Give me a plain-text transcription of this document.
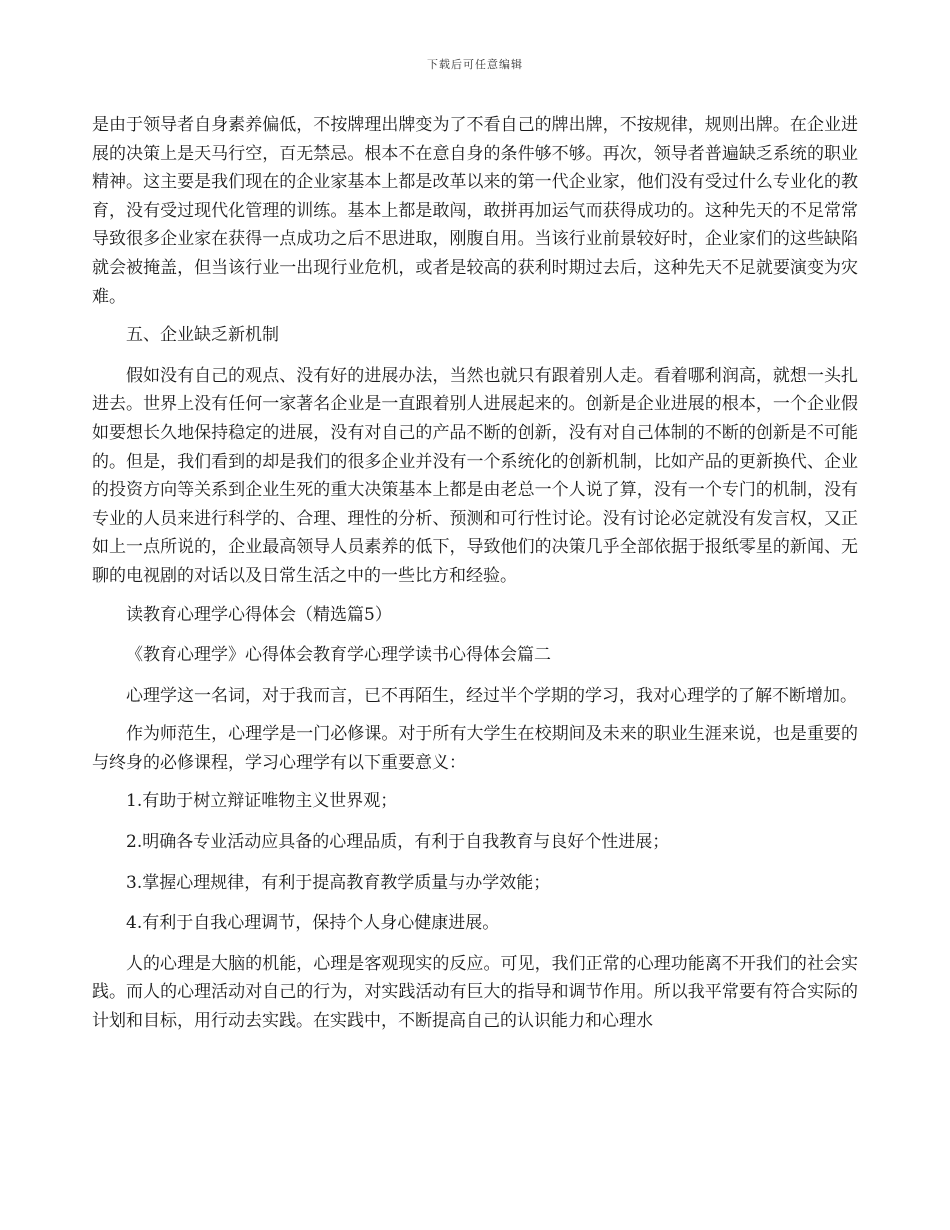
下载后可任意编辑

是由于领导者自身素养偏低，不按牌理出牌变为了不看自己的牌出牌，不按规律，规则出牌。在企业进展的决策上是天马行空，百无禁忌。根本不在意自身的条件够不够。再次，领导者普遍缺乏系统的职业精神。这主要是我们现在的企业家基本上都是改革以来的第一代企业家，他们没有受过什么专业化的教育，没有受过现代化管理的训练。基本上都是敢闯，敢拼再加运气而获得成功的。这种先天的不足常常导致很多企业家在获得一点成功之后不思进取，刚腹自用。当该行业前景较好时，企业家们的这些缺陷就会被掩盖，但当该行业一出现行业危机，或者是较高的获利时期过去后，这种先天不足就要演变为灾难。

五、企业缺乏新机制

假如没有自己的观点、没有好的进展办法，当然也就只有跟着别人走。看着哪利润高，就想一头扎进去。世界上没有任何一家著名企业是一直跟着别人进展起来的。创新是企业进展的根本，一个企业假如要想长久地保持稳定的进展，没有对自己的产品不断的创新，没有对自己体制的不断的创新是不可能的。但是，我们看到的却是我们的很多企业并没有一个系统化的创新机制，比如产品的更新换代、企业的投资方向等关系到企业生死的重大决策基本上都是由老总一个人说了算，没有一个专门的机制，没有专业的人员来进行科学的、合理、理性的分析、预测和可行性讨论。没有讨论必定就没有发言权，又正如上一点所说的，企业最高领导人员素养的低下，导致他们的决策几乎全部依据于报纸零星的新闻、无聊的电视剧的对话以及日常生活之中的一些比方和经验。

读教育心理学心得体会（精选篇5）

《教育心理学》心得体会教育学心理学读书心得体会篇二

心理学这一名词，对于我而言，已不再陌生，经过半个学期的学习，我对心理学的了解不断增加。

作为师范生，心理学是一门必修课。对于所有大学生在校期间及未来的职业生涯来说，也是重要的与终身的必修课程，学习心理学有以下重要意义：

1.有助于树立辩证唯物主义世界观；

2.明确各专业活动应具备的心理品质，有利于自我教育与良好个性进展；

3.掌握心理规律，有利于提高教育教学质量与办学效能；

4.有利于自我心理调节，保持个人身心健康进展。

人的心理是大脑的机能，心理是客观现实的反应。可见，我们正常的心理功能离不开我们的社会实践。而人的心理活动对自己的行为，对实践活动有巨大的指导和调节作用。所以我平常要有符合实际的计划和目标，用行动去实践。在实践中，不断提高自己的认识能力和心理水
